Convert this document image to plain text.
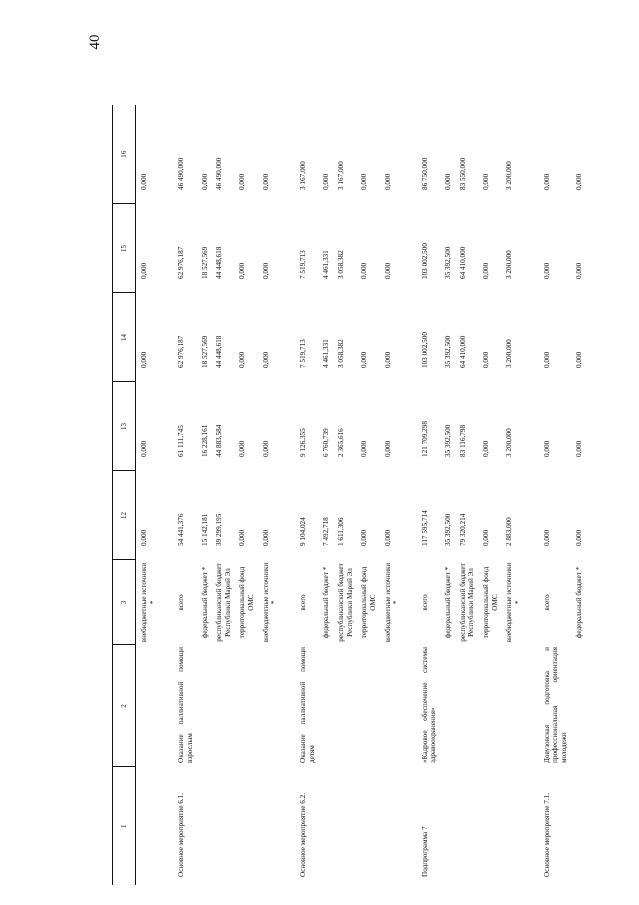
40
1	2	3	12	13	14	15	16

	внебюджетные источники *	0,000	0,000	0,000	0,000	0,000

Основное мероприятие 6.1.	Оказание паллиативной помощи взрослым	всего	54 441,376	61 111,745	62 976,187	62 976,187	46 490,000
		федеральный бюджет *	15 142,181	16 228,161	18 527,569	18 527,569	0,000
		республиканский бюджет Республики Марий Эл	39 299,195	44 883,584	44 448,618	44 448,618	46 490,000
		территориальный фонд ОМС	0,000	0,000	0,000	0,000	0,000
		внебюджетные источники *	0,000	0,000	0,000	0,000	0,000

Основное мероприятие 6.2.	Оказание паллиативной помощи детям	всего	9 104,024	9 126,355	7 519,713	7 519,713	3 167,000
		федеральный бюджет *	7 492,718	6 760,739	4 461,331	4 461,331	0,000
		республиканский бюджет Республики Марий Эл	1 611,306	2 365,616	3 058,382	3 058,382	3 167,000
		территориальный фонд ОМС	0,000	0,000	0,000	0,000	0,000
		внебюджетные источники *	0,000	0,000	0,000	0,000	0,000

Подпрограмма 7	«Кадровое обеспечение системы здравоохранения»	всего	117 595,714	121 709,298	103 002,500	103 002,500	86 750,000
		федеральный бюджет *	35 392,500	35 392,500	35 392,500	35 392,500	0,000
		республиканский бюджет Республики Марий Эл	79 320,214	83 116,798	64 410,000	64 410,000	83 550,000
		территориальный фонд ОМС	0,000	0,000	0,000	0,000	0,000
		внебюджетные источники *	2 883,000	3 200,000	3 200,000	3 200,000	3 200,000

Основное мероприятие 7.1.	Довузовская подготовка и профессиональная ориентация молодежи	всего	0,000	0,000	0,000	0,000	0,000
		федеральный бюджет *	0,000	0,000	0,000	0,000	0,000
